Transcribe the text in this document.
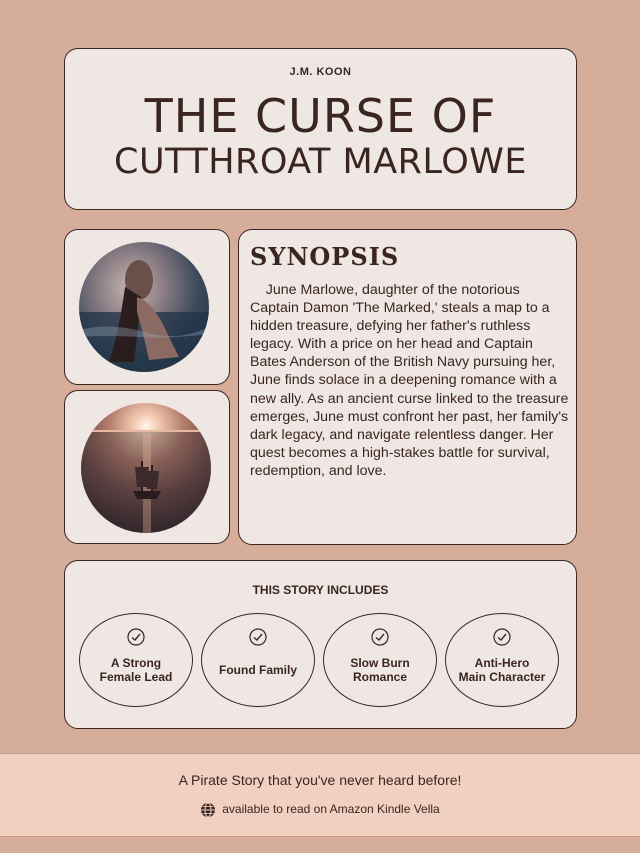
J.M. KOON
THE CURSE OF
CUTTHROAT MARLOWE
SYNOPSIS
June Marlowe, daughter of the notorious Captain Damon 'The Marked,' steals a map to a hidden treasure, defying her father's ruthless legacy. With a price on her head and Captain Bates Anderson of the British Navy pursuing her, June finds solace in a deepening romance with a new ally. As an ancient curse linked to the treasure emerges, June must confront her past, her family's dark legacy, and navigate relentless danger. Her quest becomes a high-stakes battle for survival, redemption, and love.
THIS STORY INCLUDES
A Strong
Female Lead	Found Family	Slow Burn
Romance
Anti-Hero
Main Character
A Pirate Story that you've never heard before!
available to read on Amazon Kindle Vella
